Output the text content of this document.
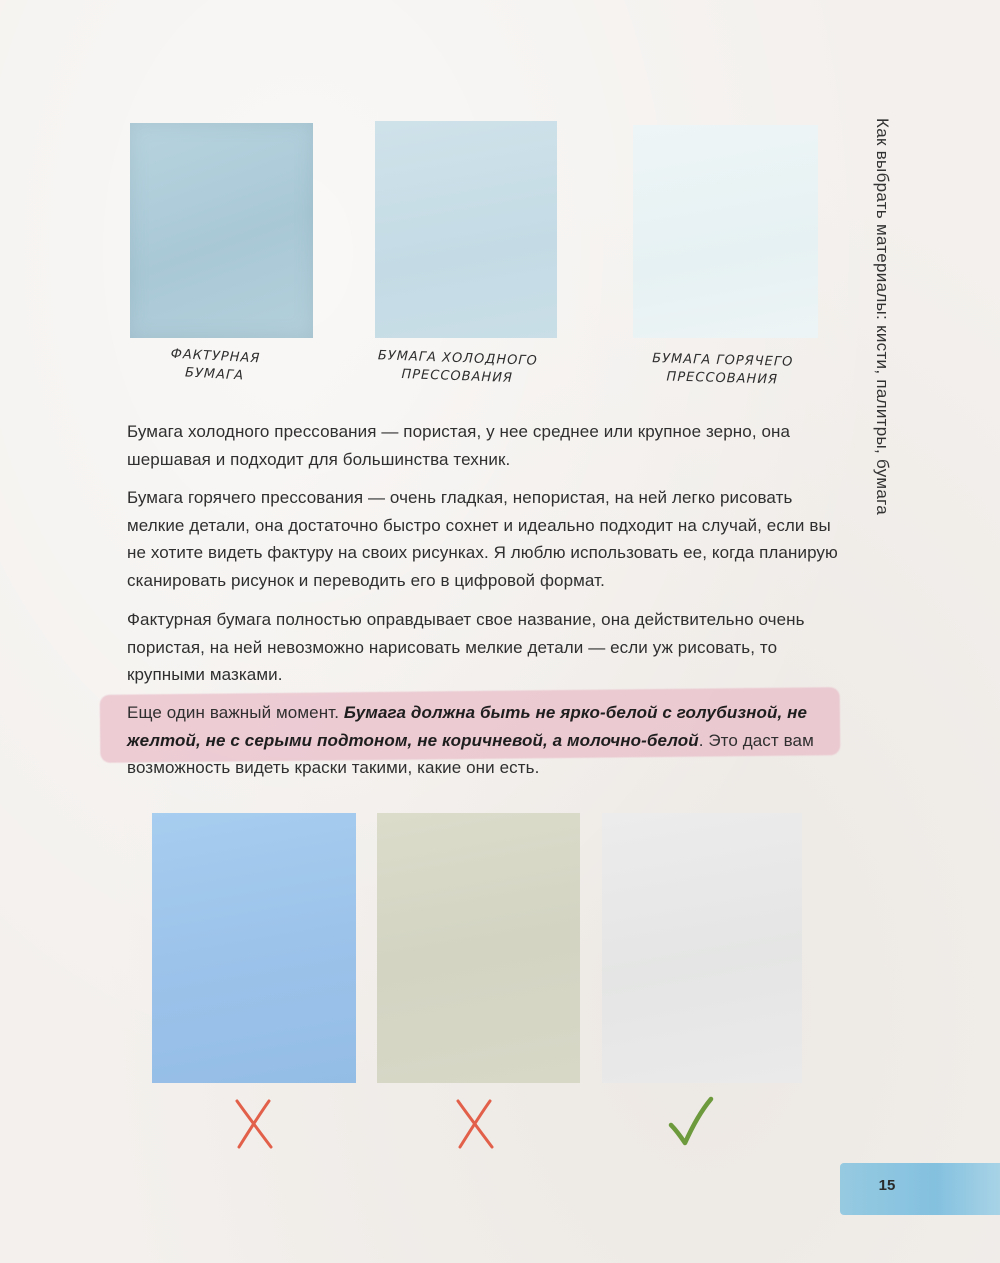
ФАКТУРНАЯ
БУМАГА
БУМАГА ХОЛОДНОГО
ПРЕССОВАНИЯ
БУМАГА ГОРЯЧЕГО
ПРЕССОВАНИЯ

Бумага холодного прессования — пористая, у нее среднее или крупное зерно, она шершавая и подходит для большинства техник.

Бумага горячего прессования — очень гладкая, непористая, на ней легко рисовать мелкие детали, она достаточно быстро сохнет и идеально подходит на случай, если вы не хотите видеть фактуру на своих рисунках. Я люблю использовать ее, когда планирую сканировать рисунок и переводить его в цифровой формат.

Фактурная бумага полностью оправдывает свое название, она действительно очень пористая, на ней невозможно нарисовать мелкие детали — если уж рисовать, то крупными мазками.

Еще один важный момент. Бумага должна быть не ярко-белой с голубизной, не желтой, не с серыми подтоном, не коричневой, а молочно-белой. Это даст вам возможность видеть краски такими, какие они есть.

Как выбрать материалы: кисти, палитры, бумага
15
